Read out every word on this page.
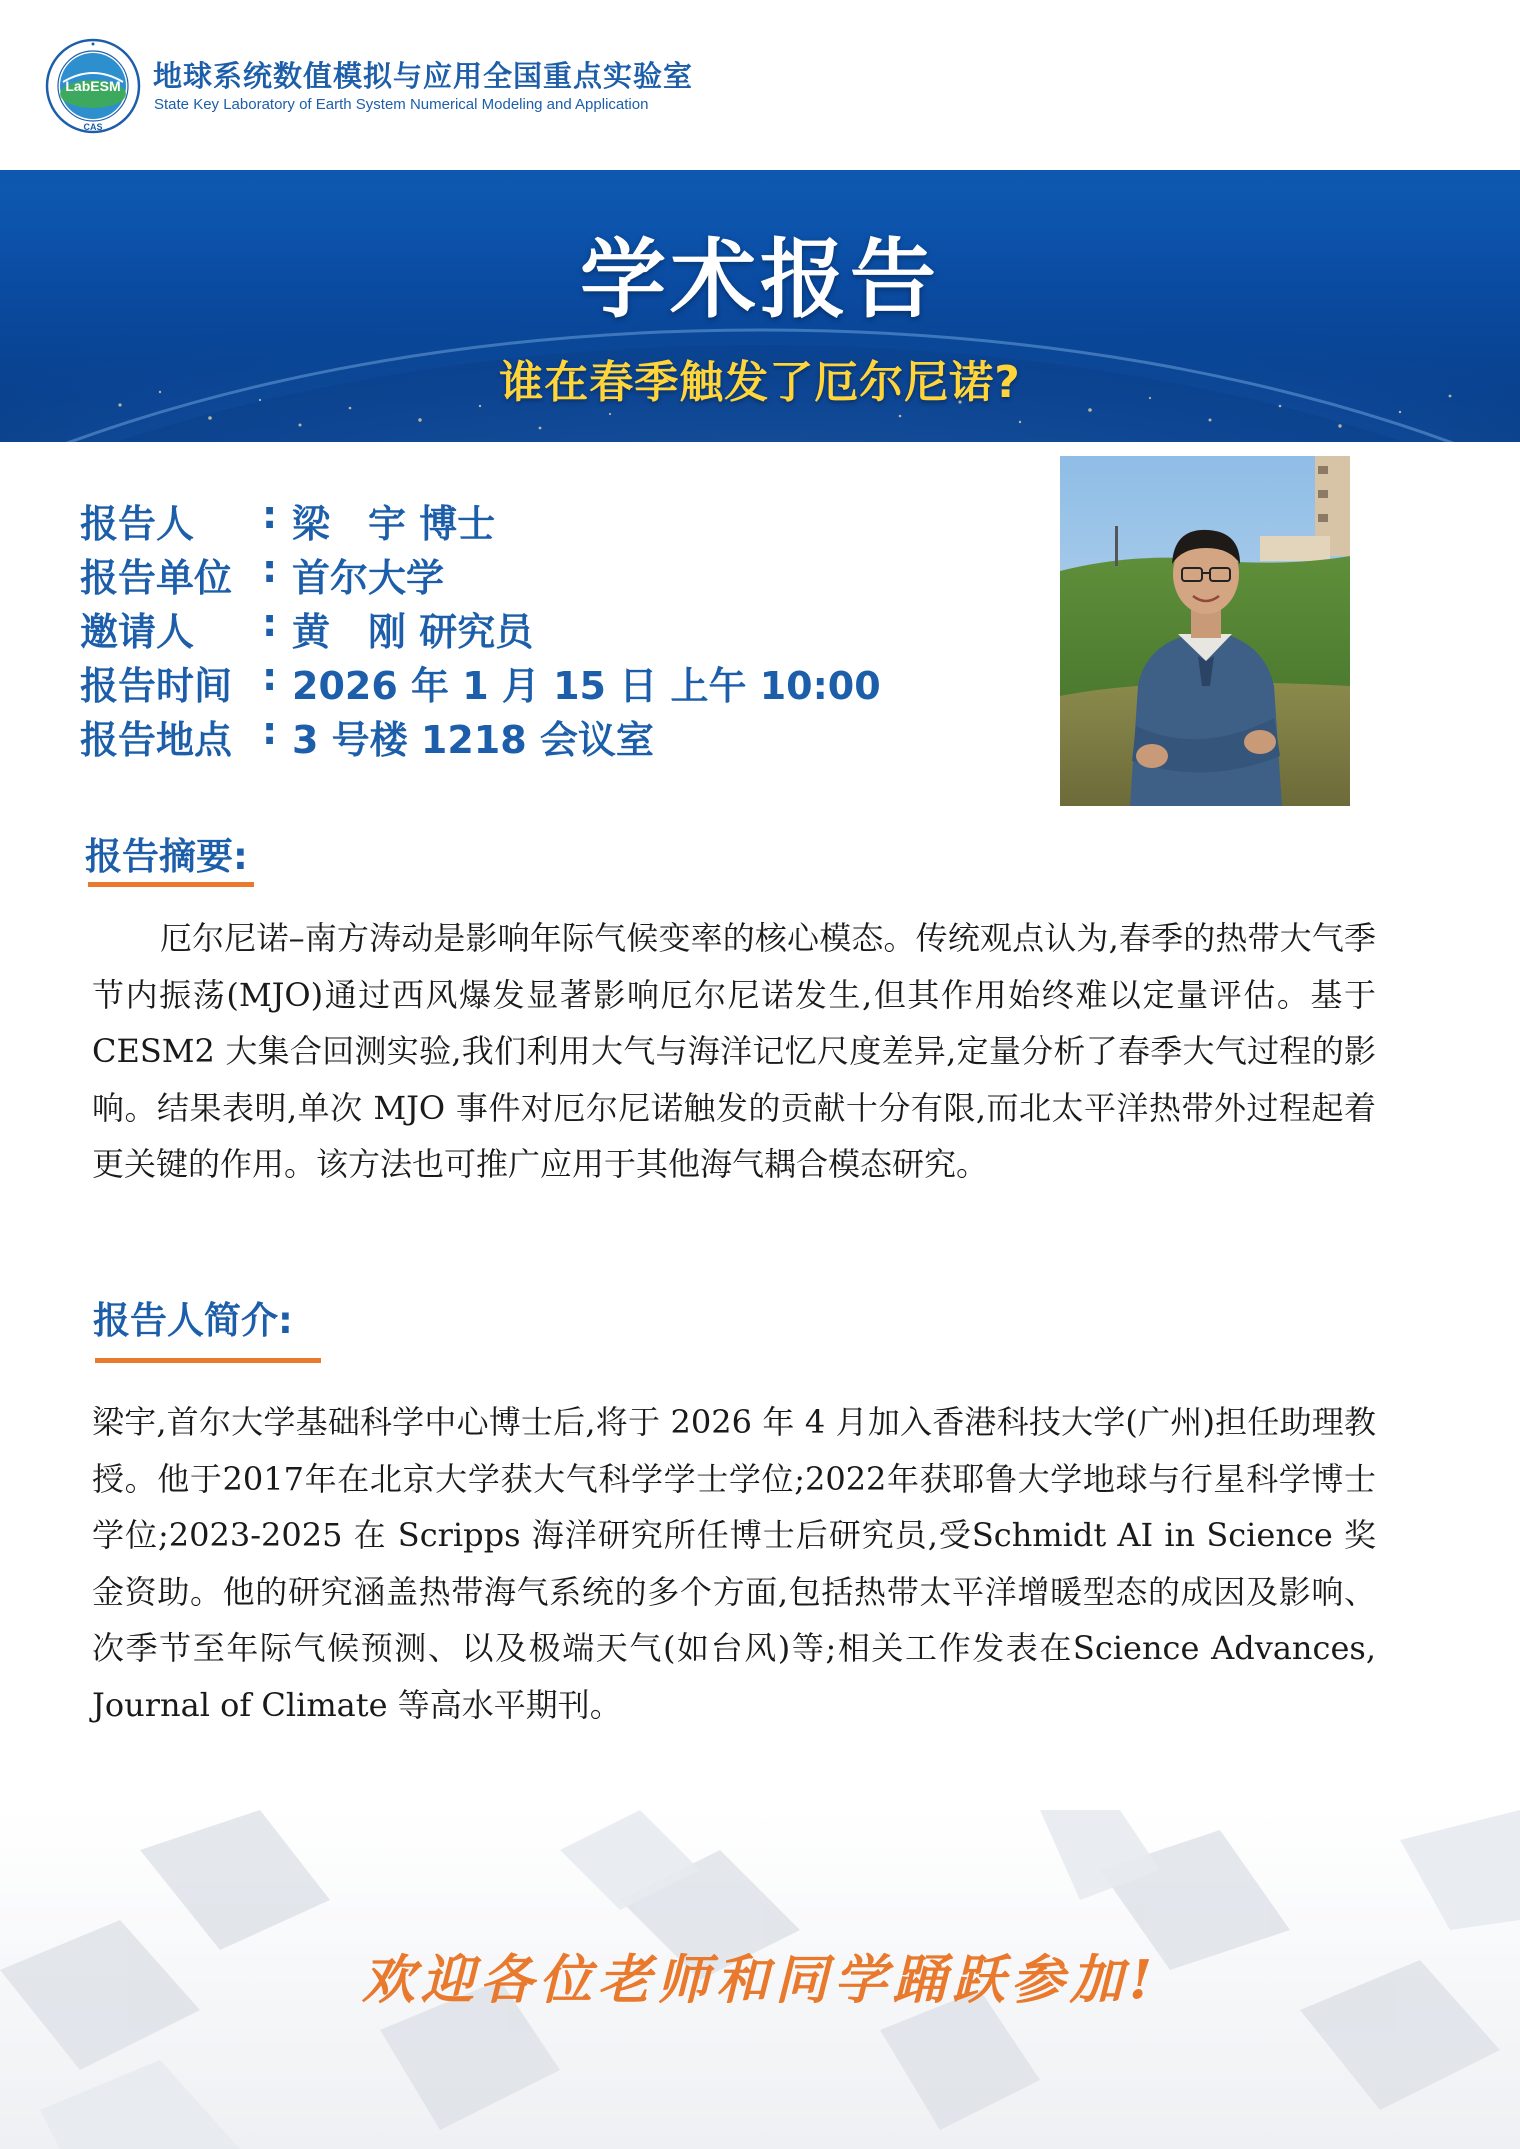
LabESM
CAS
地球系统数值模拟与应用全国重点实验室
State Key Laboratory of Earth System Numerical Modeling and Application
学术报告
谁在春季触发了厄尔尼诺?
报告人 : 梁　宇 博士
报告单位 : 首尔大学
邀请人	: 黄　刚 研究员
报告时间 : 2026 年 1 月 15 日 上午 10:00
报告地点 : 3 号楼 1218 会议室
报告摘要:
厄尔尼诺–南方涛动是影响年际气候变率的核心模态。传统观点认为,春季的热带大气季节内振荡(MJO)通过西风爆发显著影响厄尔尼诺发生,但其作用始终难以定量评估。基于 CESM2 大集合回测实验,我们利用大气与海洋记忆尺度差异,定量分析了春季大气过程的影响。结果表明,单次 MJO 事件对厄尔尼诺触发的贡献十分有限,而北太平洋热带外过程起着更关键的作用。该方法也可推广应用于其他海气耦合模态研究。
报告人简介:
梁宇,首尔大学基础科学中心博士后,将于 2026 年 4 月加入香港科技大学(广州)担任助理教授。他于2017年在北京大学获大气科学学士学位;2022年获耶鲁大学地球与行星科学博士学位;2023-2025 在 Scripps 海洋研究所任博士后研究员,受Schmidt AI in Science 奖金资助。他的研究涵盖热带海气系统的多个方面,包括热带太平洋增暖型态的成因及影响、次季节至年际气候预测、以及极端天气(如台风)等;相关工作发表在Science Advances, Journal of Climate 等高水平期刊。
欢迎各位老师和同学踊跃参加!
